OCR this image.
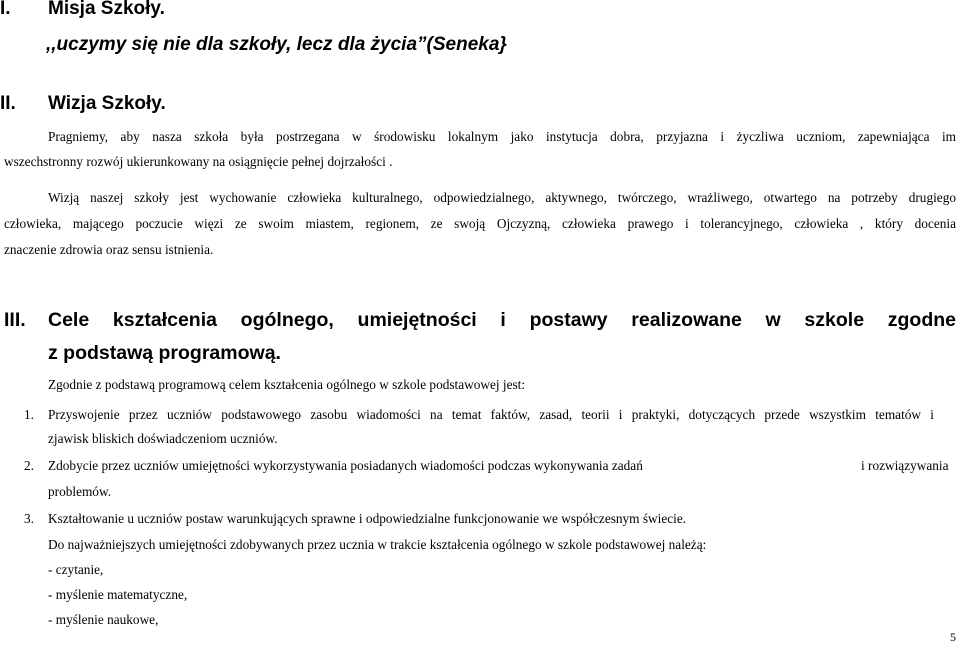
I. Misja Szkoły.
,,uczymy się nie dla szkoły, lecz dla życia”(Seneka}
II. Wizja Szkoły.
Pragniemy, aby nasza szkoła była postrzegana w środowisku lokalnym jako instytucja dobra, przyjazna i życzliwa uczniom, zapewniająca im
wszechstronny rozwój ukierunkowany na osiągnięcie pełnej dojrzałości .
Wizją naszej szkoły jest wychowanie człowieka kulturalnego, odpowiedzialnego, aktywnego, twórczego, wrażliwego, otwartego na potrzeby drugiego
człowieka, mającego poczucie więzi ze swoim miastem, regionem, ze swoją Ojczyzną, człowieka prawego i tolerancyjnego, człowieka , który docenia
znaczenie zdrowia oraz sensu istnienia.
III. Cele kształcenia ogólnego, umiejętności i postawy realizowane w szkole zgodne
z podstawą programową.
Zgodnie z podstawą programową celem kształcenia ogólnego w szkole podstawowej jest:
1. Przyswojenie przez uczniów podstawowego zasobu wiadomości na temat faktów, zasad, teorii i praktyki, dotyczących przede wszystkim tematów i
zjawisk bliskich doświadczeniom uczniów.
2. Zdobycie przez uczniów umiejętności wykorzystywania posiadanych wiadomości podczas wykonywania zadań	i rozwiązywania
problemów.
3. Kształtowanie u uczniów postaw warunkujących sprawne i odpowiedzialne funkcjonowanie we współczesnym świecie.
Do najważniejszych umiejętności zdobywanych przez ucznia w trakcie kształcenia ogólnego w szkole podstawowej należą:
- czytanie,
- myślenie matematyczne,
- myślenie naukowe,
5
